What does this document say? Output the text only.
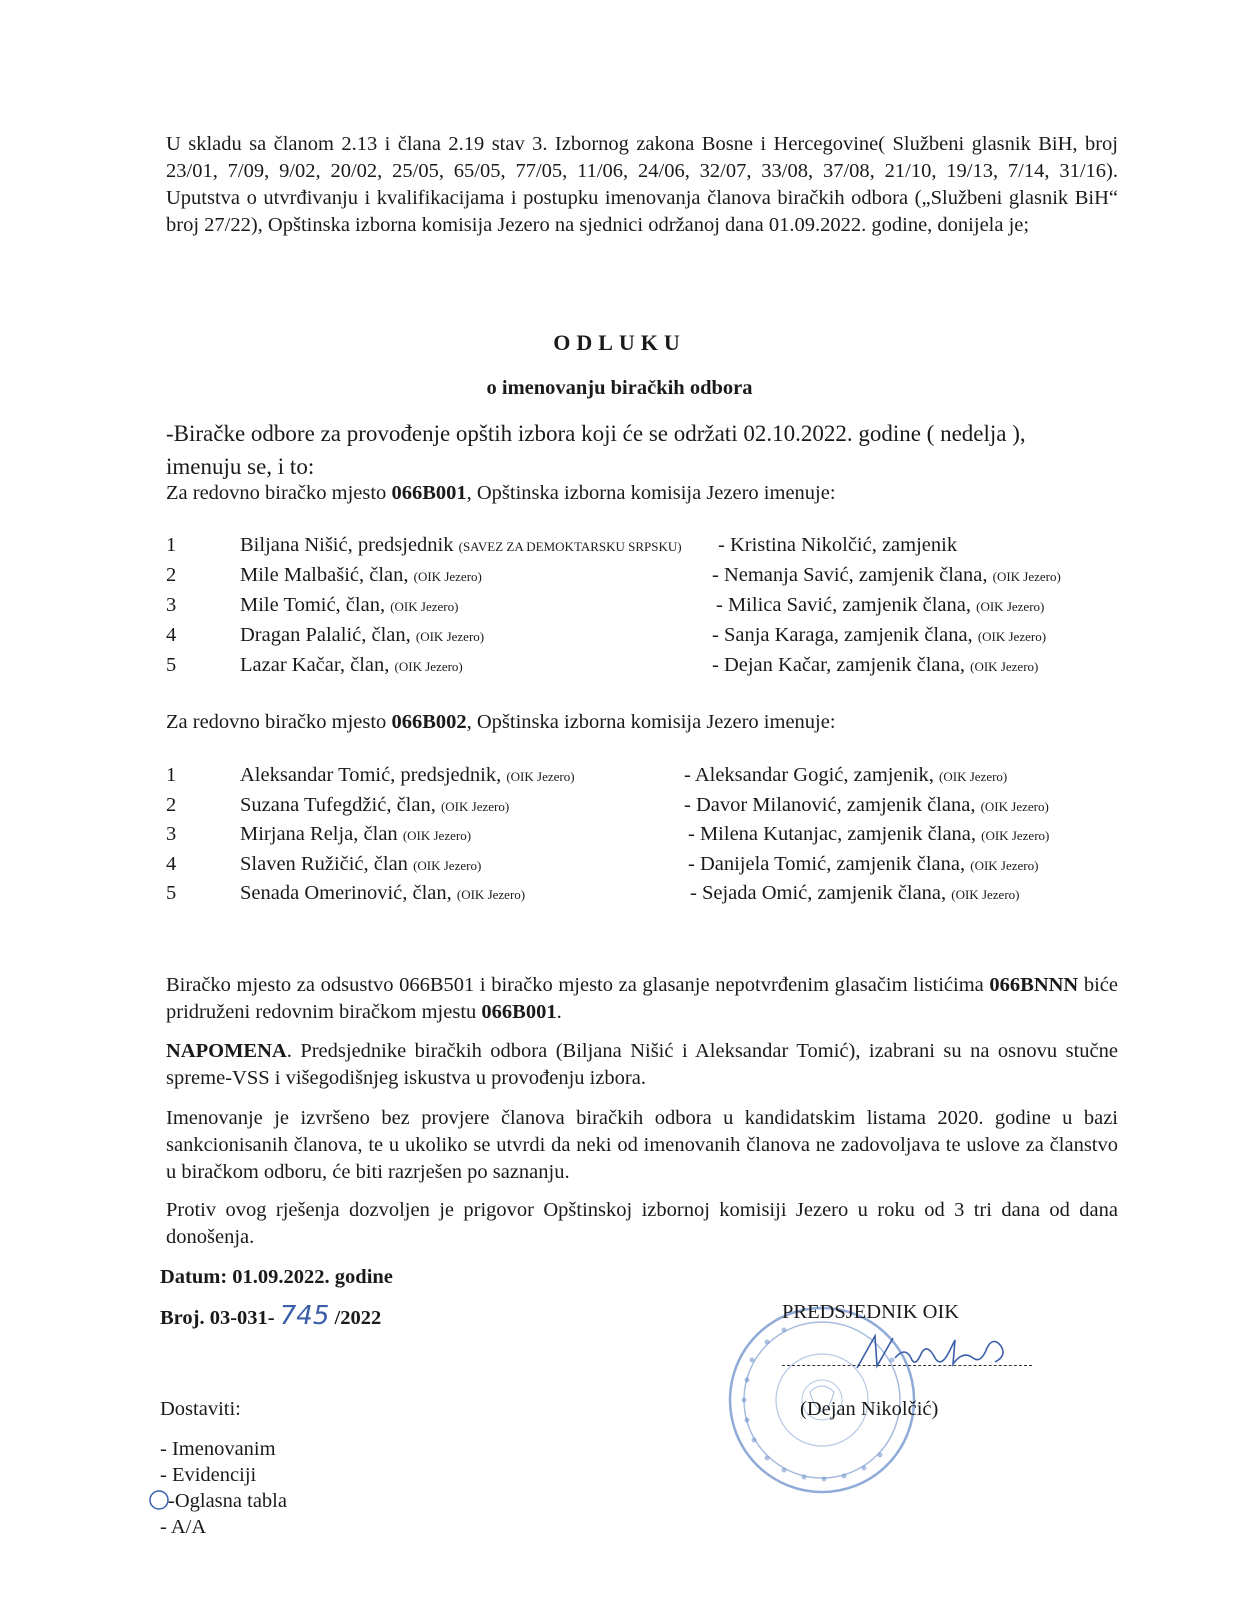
U skladu sa članom 2.13 i člana 2.19 stav 3. Izbornog zakona Bosne i Hercegovine( Službeni glasnik BiH, broj 23/01, 7/09, 9/02, 20/02, 25/05, 65/05, 77/05, 11/06, 24/06, 32/07, 33/08, 37/08, 21/10, 19/13, 7/14, 31/16). Uputstva o utvrđivanju i kvalifikacijama i postupku imenovanja članova biračkih odbora („Službeni glasnik BiH“ broj 27/22), Opštinska izborna komisija Jezero na sjednici održanoj dana 01.09.2022. godine, donijela je;

ODLUKU
o imenovanju biračkih odbora
-Biračke odbore za provođenje opštih izbora koji će se održati 02.10.2022. godine ( nedelja ),
imenuju se, i to:
Za redovno biračko mjesto 066B001, Opštinska izborna komisija Jezero imenuje:
1	Biljana Nišić, predsjednik (SAVEZ ZA DEMOKTARSKU SRPSKU) - Kristina Nikolčić, zamjenik
2	Mile Malbašić, član, (OIK Jezero)	- Nemanja Savić, zamjenik člana, (OIK Jezero)
3	Mile Tomić, član, (OIK Jezero)	- Milica Savić, zamjenik člana, (OIK Jezero)
4	Dragan Palalić, član, (OIK Jezero)	- Sanja Karaga, zamjenik člana, (OIK Jezero)
5	Lazar Kačar, član, (OIK Jezero)	- Dejan Kačar, zamjenik člana, (OIK Jezero)
Za redovno biračko mjesto 066B002, Opštinska izborna komisija Jezero imenuje:
1	Aleksandar Tomić, predsjednik, (OIK Jezero)	- Aleksandar Gogić, zamjenik, (OIK Jezero)
2	Suzana Tufegdžić, član, (OIK Jezero)	- Davor Milanović, zamjenik člana, (OIK Jezero)
3	Mirjana Relja, član (OIK Jezero)	- Milena Kutanjac, zamjenik člana, (OIK Jezero)
4	Slaven Ružičić, član (OIK Jezero)	- Danijela Tomić, zamjenik člana, (OIK Jezero)
5	Senada Omerinović, član, (OIK Jezero)	- Sejada Omić, zamjenik člana, (OIK Jezero)

Biračko mjesto za odsustvo 066B501 i biračko mjesto za glasanje nepotvrđenim glasačim listićima 066BNNN biće pridruženi redovnim biračkom mjestu 066B001.

NAPOMENA. Predsjednike biračkih odbora (Biljana Nišić i Aleksandar Tomić), izabrani su na osnovu stučne spreme-VSS i višegodišnjeg iskustva u provođenju izbora.

Imenovanje je izvršeno bez provjere članova biračkih odbora u kandidatskim listama 2020. godine u bazi sankcionisanih članova, te u ukoliko se utvrdi da neki od imenovanih članova ne zadovoljava te uslove za članstvo u biračkom odboru, će biti razrješen po saznanju.

Protiv ovog rješenja dozvoljen je prigovor Opštinskoj izbornoj komisiji Jezero u roku od 3 tri dana od dana donošenja.

Datum: 01.09.2022. godine
Broj. 03-031- 745 /2022	PREDSJEDNIK OIK
(Dejan Nikolčić)
Dostaviti:
- Imenovanim
- Evidenciji
-Oglasna tabla
- A/A
